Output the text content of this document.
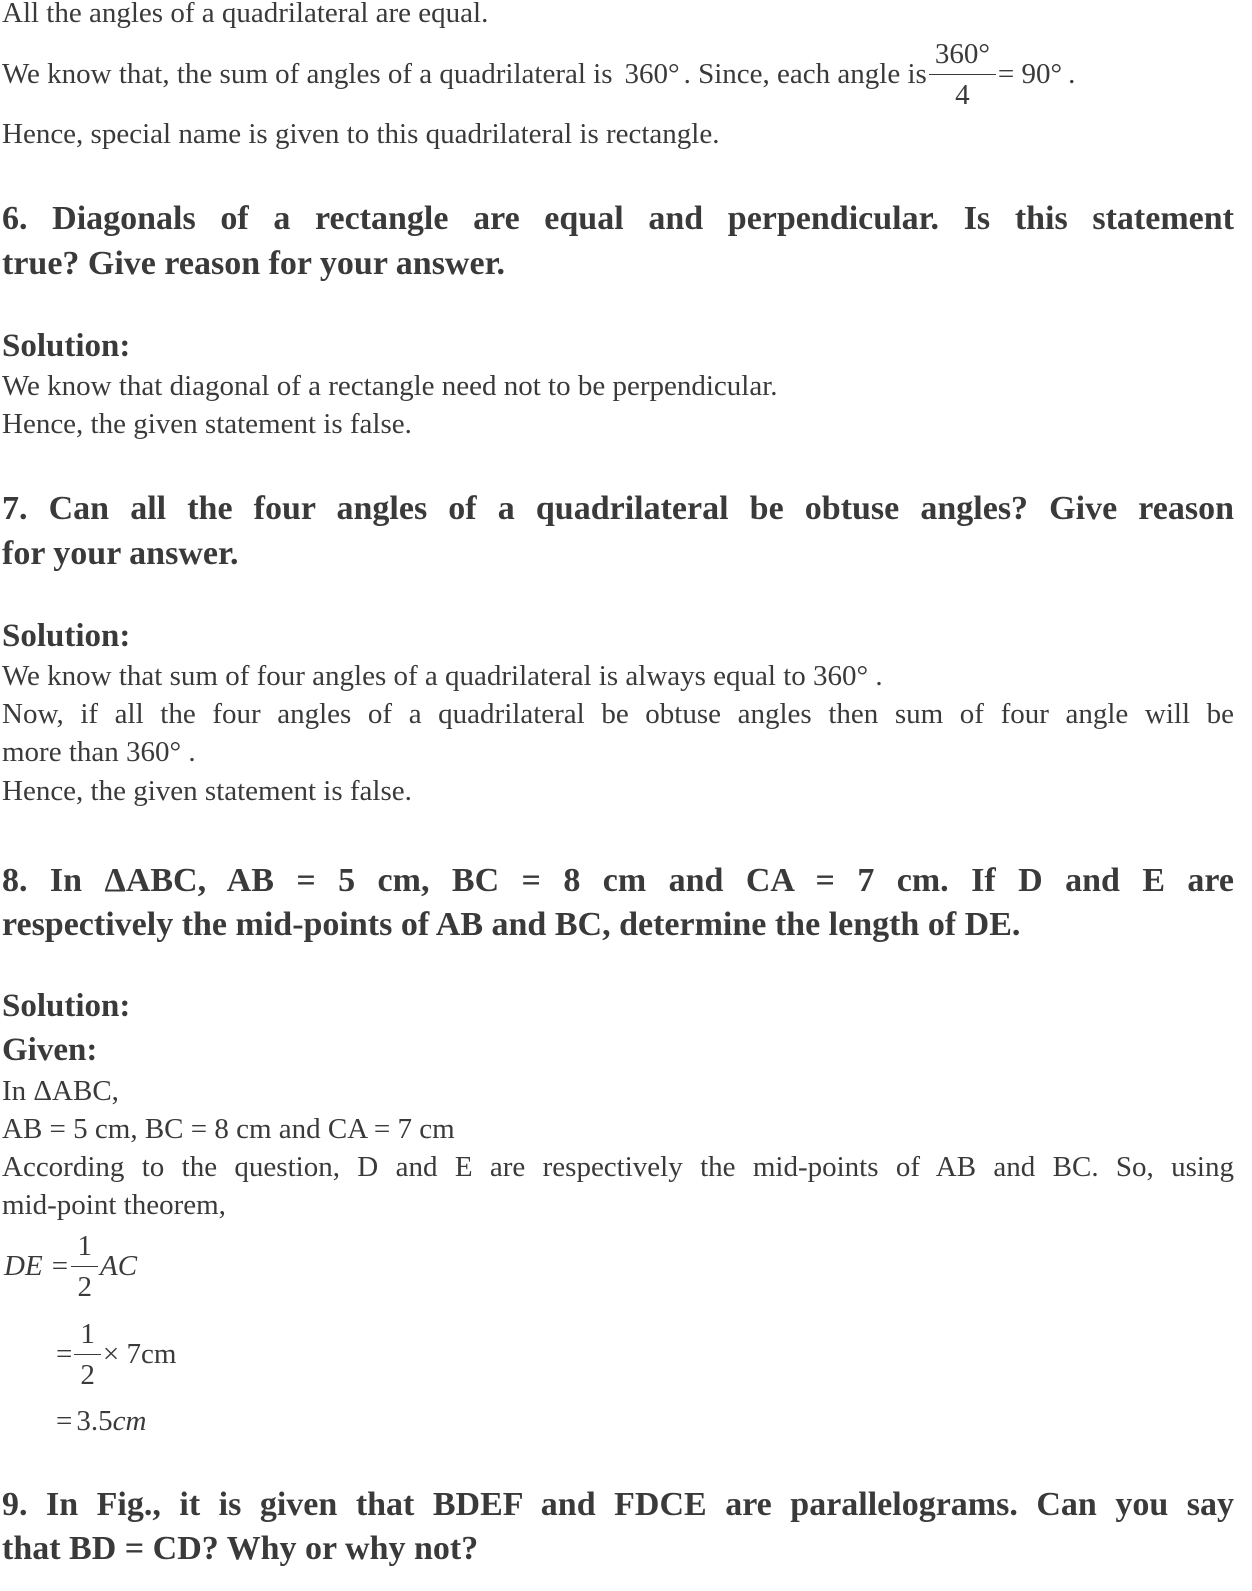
All the angles of a quadrilateral are equal.
We know that, the sum of angles of a quadrilateral is 360° . Since, each angle is $\frac{360^\circ}{4} = 90^\circ$ .
Hence, special name is given to this quadrilateral is rectangle.
6. Diagonals of a rectangle are equal and perpendicular. Is this statement
true? Give reason for your answer.
Solution:
We know that diagonal of a rectangle need not to be perpendicular.
Hence, the given statement is false.
7. Can all the four angles of a quadrilateral be obtuse angles? Give reason
for your answer.
Solution:
We know that sum of four angles of a quadrilateral is always equal to 360° .
Now, if all the four angles of a quadrilateral be obtuse angles then sum of four angle will be
more than 360° .
Hence, the given statement is false.
8. In ΔABC, AB = 5 cm, BC = 8 cm and CA = 7 cm. If D and E are
respectively the mid-points of AB and BC, determine the length of DE.
Solution:
Given:
In ΔABC,
AB = 5 cm, BC = 8 cm and CA = 7 cm
According to the question, D and E are respectively the mid-points of AB and BC. So, using
mid-point theorem,
DE = $\frac{1}{2}$ AC
= $\frac{1}{2} \times 7cm$
= 3.5 cm
9. In Fig., it is given that BDEF and FDCE are parallelograms. Can you say
that BD = CD? Why or why not?
